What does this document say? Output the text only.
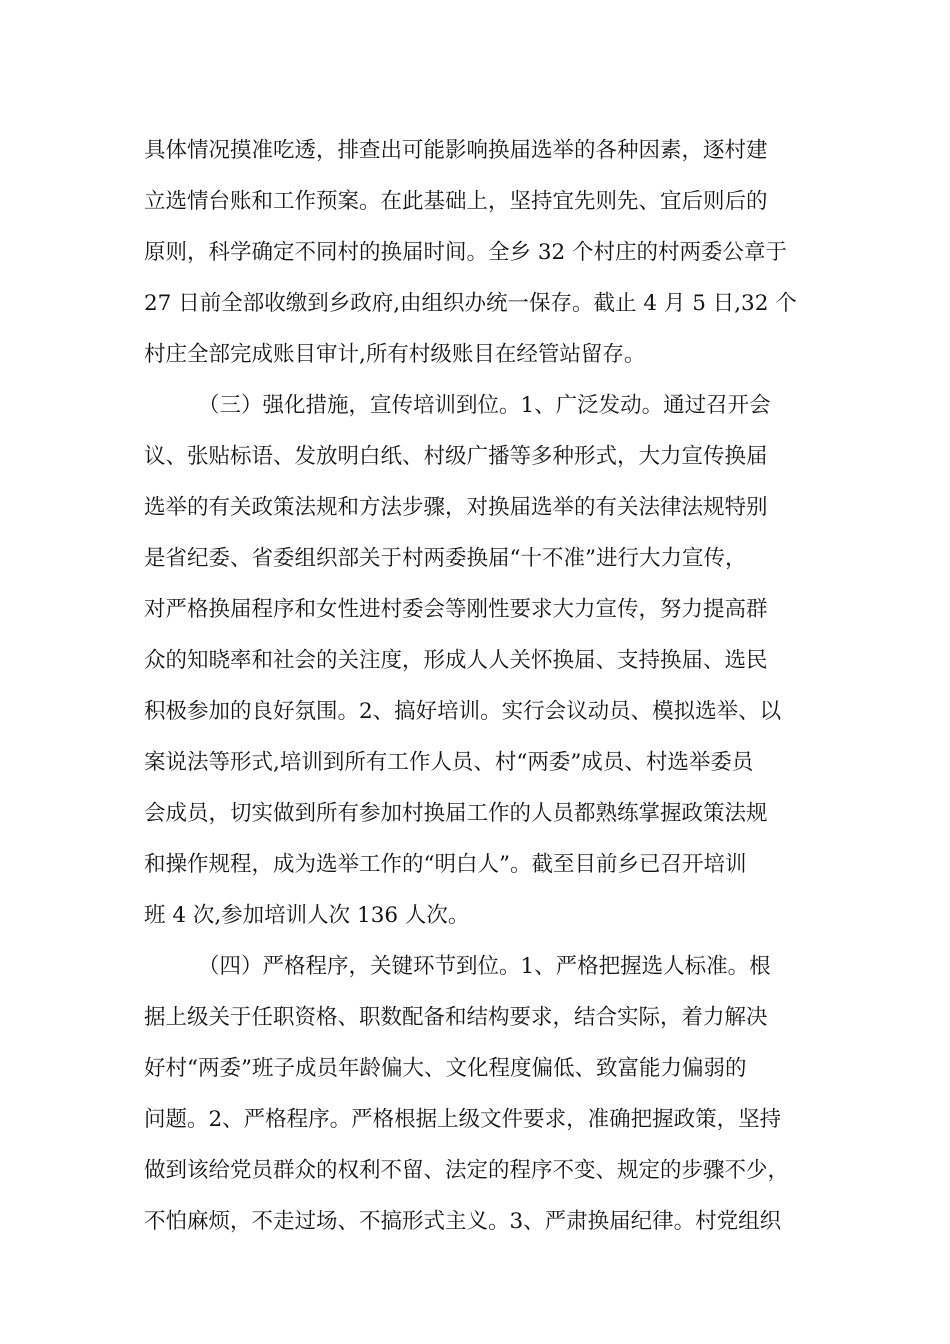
具体情况摸准吃透，排查出可能影响换届选举的各种因素，逐村建
立选情台账和工作预案。在此基础上，坚持宜先则先、宜后则后的
原则，科学确定不同村的换届时间。全乡 32 个村庄的村两委公章于
27 日前全部收缴到乡政府,由组织办统一保存。截止 4 月 5 日,32 个
村庄全部完成账目审计,所有村级账目在经管站留存。
（三）强化措施，宣传培训到位。1、广泛发动。通过召开会
议、张贴标语、发放明白纸、村级广播等多种形式，大力宣传换届
选举的有关政策法规和方法步骤，对换届选举的有关法律法规特别
是省纪委、省委组织部关于村两委换届“十不准”进行大力宣传，
对严格换届程序和女性进村委会等刚性要求大力宣传，努力提高群
众的知晓率和社会的关注度，形成人人关怀换届、支持换届、选民
积极参加的良好氛围。2、搞好培训。实行会议动员、模拟选举、以
案说法等形式,培训到所有工作人员、村“两委”成员、村选举委员
会成员，切实做到所有参加村换届工作的人员都熟练掌握政策法规
和操作规程，成为选举工作的“明白人”。截至目前乡已召开培训
班 4 次,参加培训人次 136 人次。
（四）严格程序，关键环节到位。1、严格把握选人标准。根
据上级关于任职资格、职数配备和结构要求，结合实际，着力解决
好村“两委”班子成员年龄偏大、文化程度偏低、致富能力偏弱的
问题。2、严格程序。严格根据上级文件要求，准确把握政策，坚持
做到该给党员群众的权利不留、法定的程序不变、规定的步骤不少，
不怕麻烦，不走过场、不搞形式主义。3、严肃换届纪律。村党组织
